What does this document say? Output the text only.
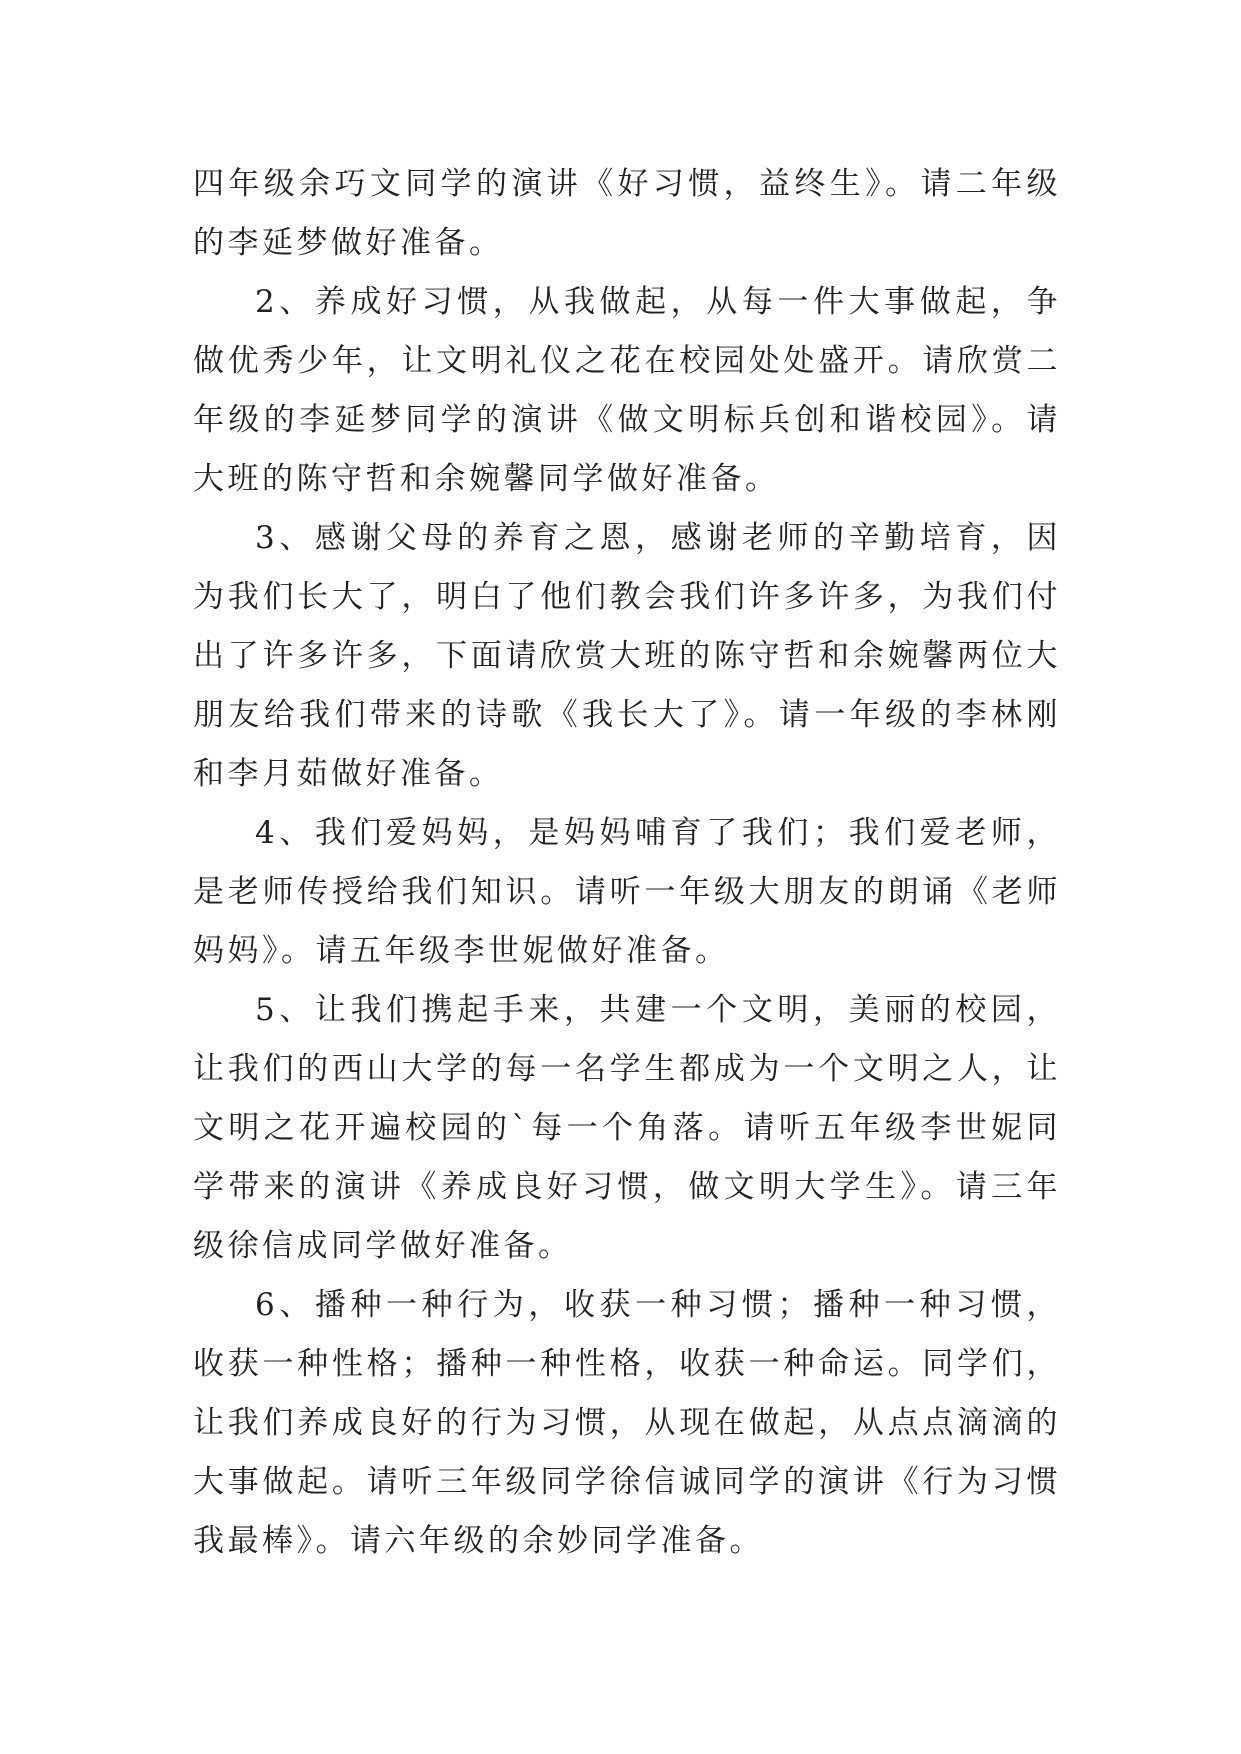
四年级余巧文同学的演讲《好习惯，益终生》。请二年级的李延梦做好准备。

2、养成好习惯，从我做起，从每一件大事做起，争做优秀少年，让文明礼仪之花在校园处处盛开。请欣赏二年级的李延梦同学的演讲《做文明标兵创和谐校园》。请大班的陈守哲和余婉馨同学做好准备。

3、感谢父母的养育之恩，感谢老师的辛勤培育，因为我们长大了，明白了他们教会我们许多许多，为我们付出了许多许多，下面请欣赏大班的陈守哲和余婉馨两位大朋友给我们带来的诗歌《我长大了》。请一年级的李林刚和李月茹做好准备。

4、我们爱妈妈，是妈妈哺育了我们；我们爱老师，是老师传授给我们知识。请听一年级大朋友的朗诵《老师妈妈》。请五年级李世妮做好准备。

5、让我们携起手来，共建一个文明，美丽的校园，让我们的西山大学的每一名学生都成为一个文明之人，让文明之花开遍校园的`每一个角落。请听五年级李世妮同学带来的演讲《养成良好习惯，做文明大学生》。请三年级徐信成同学做好准备。

6、播种一种行为，收获一种习惯；播种一种习惯，收获一种性格；播种一种性格，收获一种命运。同学们，让我们养成良好的行为习惯，从现在做起，从点点滴滴的大事做起。请听三年级同学徐信诚同学的演讲《行为习惯我最棒》。请六年级的余妙同学准备。
